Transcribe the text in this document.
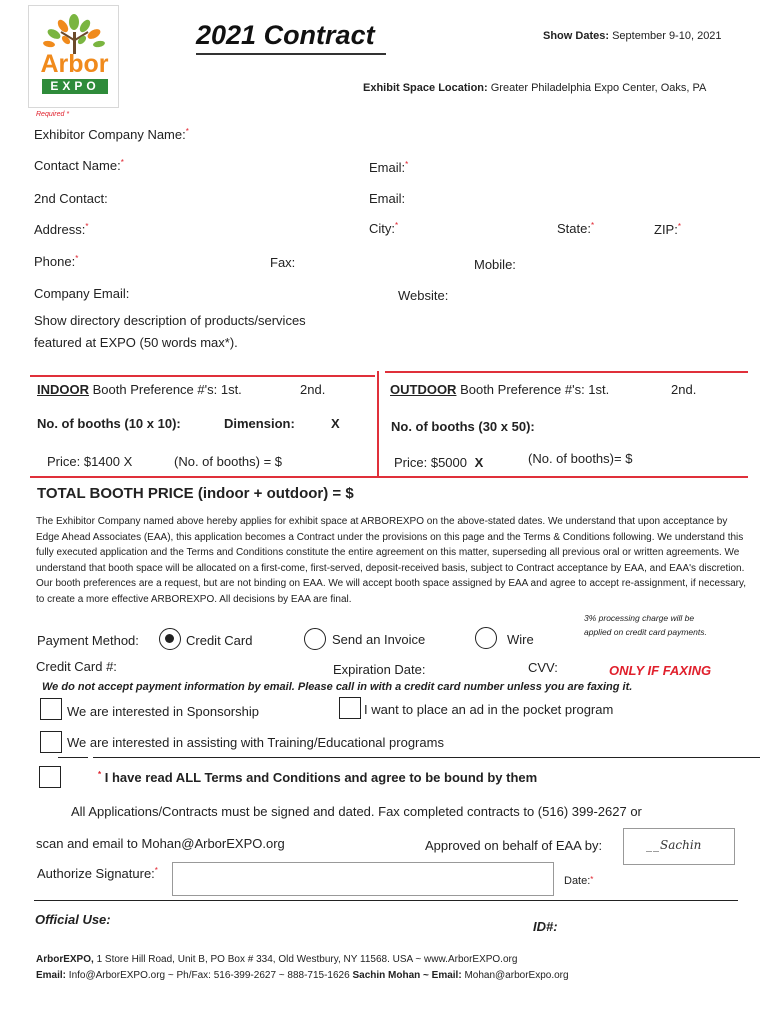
Arbor
EXPO
2021 Contract	Show Dates: September 9-10, 2021
Exhibit Space Location: Greater Philadelphia Expo Center, Oaks, PA
Required *
Exhibitor Company Name:*
Contact Name:*	Email:*
2nd Contact:	Email:
Address:*	City:*	State:*	ZIP:*
Phone:*	Fax:	Mobile:
Company Email:	Website:
Show directory description of products/services
featured at EXPO (50 words max*).
INDOOR Booth Preference #'s: 1st.	2nd.	OUTDOOR Booth Preference #'s: 1st.	2nd.
No. of booths (10 x 10):	Dimension:	X	No. of booths (30 x 50):
Price: $1400 X	(No. of booths) = $	Price: $5000 X	(No. of booths)= $
TOTAL BOOTH PRICE (indoor + outdoor) = $
The Exhibitor Company named above hereby applies for exhibit space at ARBOREXPO on the above-stated dates. We understand that upon acceptance by Edge Ahead Associates (EAA), this application becomes a Contract under the provisions on this page and the Terms & Conditions following. We understand this fully executed application and the Terms and Conditions constitute the entire agreement on this matter, superseding all previous oral or written agreements. We understand that booth space will be allocated on a first-come, first-served, deposit-received basis, subject to Contract acceptance by EAA, and EAA's discretion. Our booth preferences are a request, but are not binding on EAA. We will accept booth space assigned by EAA and agree to accept re-assignment, if necessary, to create a more effective ARBOREXPO. All decisions by EAA are final.
3% processing charge will be
applied on credit card payments.
Payment Method:	Credit Card	Send an Invoice	Wire
Credit Card #:	Expiration Date:	CVV:	ONLY IF FAXING
We do not accept payment information by email. Please call in with a credit card number unless you are faxing it.
We are interested in Sponsorship	I want to place an ad in the pocket program
We are interested in assisting with Training/Educational programs
* I have read ALL Terms and Conditions and agree to be bound by them
All Applications/Contracts must be signed and dated. Fax completed contracts to (516) 399-2627 or
scan and email to Mohan@ArborEXPO.org	Approved on behalf of EAA by:	__Sachin
Authorize Signature:*
Date:*
Official Use:	ID#:
ArborEXPO, 1 Store Hill Road, Unit B, PO Box # 334, Old Westbury, NY 11568. USA ~ www.ArborEXPO.org
Email: Info@ArborEXPO.org ~ Ph/Fax: 516-399-2627 ~ 888-715-1626 Sachin Mohan ~ Email: Mohan@arborExpo.org
